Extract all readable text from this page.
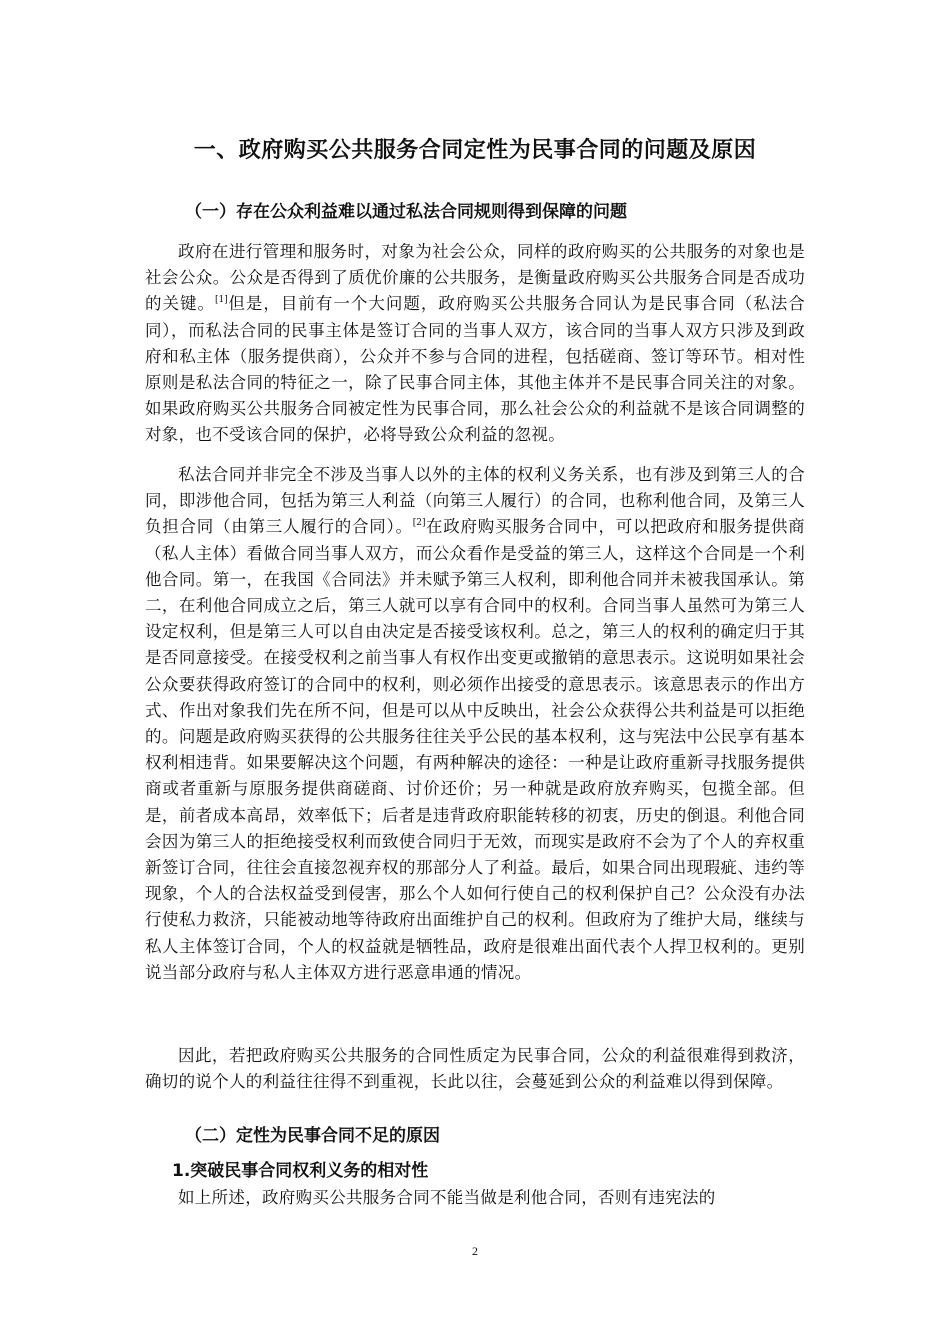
一、政府购买公共服务合同定性为民事合同的问题及原因
（一）存在公众利益难以通过私法合同规则得到保障的问题

政府在进行管理和服务时，对象为社会公众，同样的政府购买的公共服务的对象也是社会公众。公众是否得到了质优价廉的公共服务，是衡量政府购买公共服务合同是否成功的关键。[1]但是，目前有一个大问题，政府购买公共服务合同认为是民事合同（私法合同），而私法合同的民事主体是签订合同的当事人双方，该合同的当事人双方只涉及到政府和私主体（服务提供商），公众并不参与合同的进程，包括磋商、签订等环节。相对性原则是私法合同的特征之一，除了民事合同主体，其他主体并不是民事合同关注的对象。如果政府购买公共服务合同被定性为民事合同，那么社会公众的利益就不是该合同调整的对象，也不受该合同的保护，必将导致公众利益的忽视。

私法合同并非完全不涉及当事人以外的主体的权利义务关系，也有涉及到第三人的合同，即涉他合同，包括为第三人利益（向第三人履行）的合同，也称利他合同，及第三人负担合同（由第三人履行的合同）。[2]在政府购买服务合同中，可以把政府和服务提供商（私人主体）看做合同当事人双方，而公众看作是受益的第三人，这样这个合同是一个利他合同。第一，在我国《合同法》并未赋予第三人权利，即利他合同并未被我国承认。第二，在利他合同成立之后，第三人就可以享有合同中的权利。合同当事人虽然可为第三人设定权利，但是第三人可以自由决定是否接受该权利。总之，第三人的权利的确定归于其是否同意接受。在接受权利之前当事人有权作出变更或撤销的意思表示。这说明如果社会公众要获得政府签订的合同中的权利，则必须作出接受的意思表示。该意思表示的作出方式、作出对象我们先在所不问，但是可以从中反映出，社会公众获得公共利益是可以拒绝的。问题是政府购买获得的公共服务往往关乎公民的基本权利，这与宪法中公民享有基本权利相违背。如果要解决这个问题，有两种解决的途径：一种是让政府重新寻找服务提供商或者重新与原服务提供商磋商、讨价还价；另一种就是政府放弃购买，包揽全部。但是，前者成本高昂，效率低下；后者是违背政府职能转移的初衷，历史的倒退。利他合同会因为第三人的拒绝接受权利而致使合同归于无效，而现实是政府不会为了个人的弃权重新签订合同，往往会直接忽视弃权的那部分人了利益。最后，如果合同出现瑕疵、违约等现象，个人的合法权益受到侵害，那么个人如何行使自己的权利保护自己？公众没有办法行使私力救济，只能被动地等待政府出面维护自己的权利。但政府为了维护大局，继续与私人主体签订合同，个人的权益就是牺牲品，政府是很难出面代表个人捍卫权利的。更别说当部分政府与私人主体双方进行恶意串通的情况。

因此，若把政府购买公共服务的合同性质定为民事合同，公众的利益很难得到救济，确切的说个人的利益往往得不到重视，长此以往，会蔓延到公众的利益难以得到保障。

（二）定性为民事合同不足的原因
1.突破民事合同权利义务的相对性

如上所述，政府购买公共服务合同不能当做是利他合同，否则有违宪法的

2
